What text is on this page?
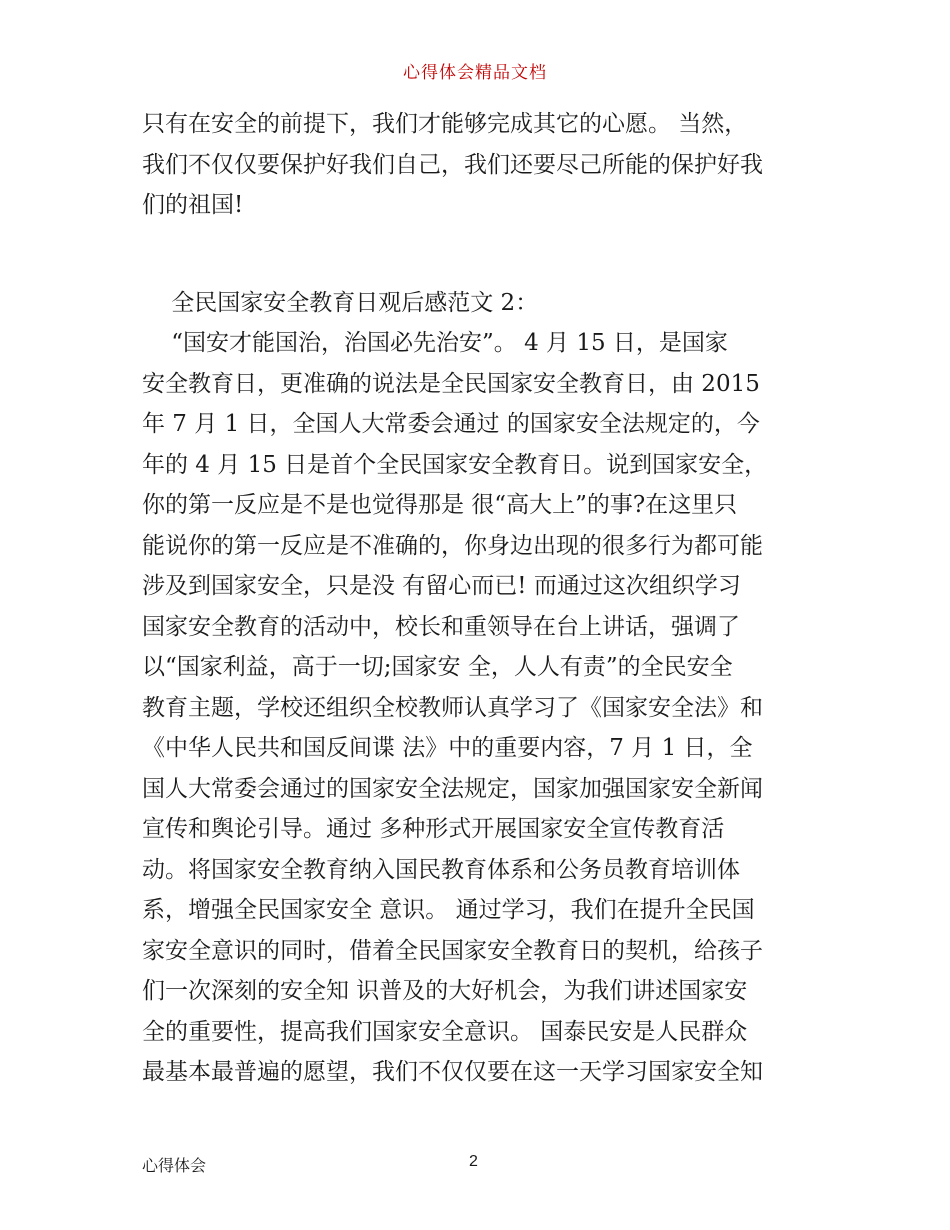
心得体会精品文档
只有在安全的前提下，我们才能够完成其它的心愿。 当然，
我们不仅仅要保护好我们自己，我们还要尽己所能的保护好我
们的祖国!
全民国家安全教育日观后感范文 2：
“国安才能国治，治国必先治安”。 4 月 15 日，是国家
安全教育日，更准确的说法是全民国家安全教育日，由 2015
年 7 月 1 日，全国人大常委会通过 的国家安全法规定的，今
年的 4 月 15 日是首个全民国家安全教育日。说到国家安全，
你的第一反应是不是也觉得那是 很“高大上”的事?在这里只
能说你的第一反应是不准确的，你身边出现的很多行为都可能
涉及到国家安全，只是没 有留心而已! 而通过这次组织学习
国家安全教育的活动中，校长和重领导在台上讲话，强调了
以“国家利益，高于一切;国家安 全，人人有责”的全民安全
教育主题，学校还组织全校教师认真学习了《国家安全法》和
《中华人民共和国反间谍 法》中的重要内容，7 月 1 日，全
国人大常委会通过的国家安全法规定，国家加强国家安全新闻
宣传和舆论引导。通过 多种形式开展国家安全宣传教育活
动。将国家安全教育纳入国民教育体系和公务员教育培训体
系，增强全民国家安全 意识。 通过学习，我们在提升全民国
家安全意识的同时，借着全民国家安全教育日的契机，给孩子
们一次深刻的安全知 识普及的大好机会，为我们讲述国家安
全的重要性，提高我们国家安全意识。 国泰民安是人民群众
最基本最普遍的愿望，我们不仅仅要在这一天学习国家安全知
心得体会	2
